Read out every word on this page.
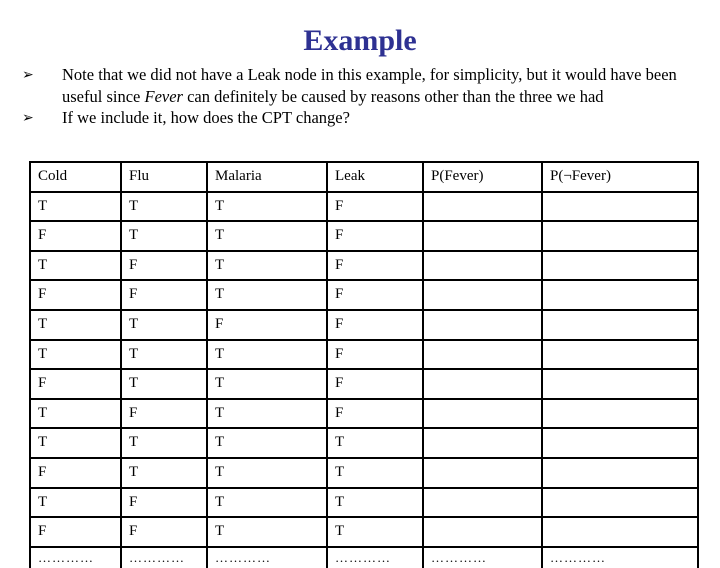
Example
➢	Note that we did not have a Leak node in this example, for simplicity, but it would have been useful since Fever can definitely be caused by reasons other than the three we had
➢	If we include it, how does the CPT change?
Cold	Flu	Malaria	Leak	P(Fever)	P(¬Fever)
T	T	T	F		
F	T	T	F		
T	F	T	F		
F	F	T	F		
T	T	F	F		
T	T	T	F		
F	T	T	F		
T	F	T	F		
T	T	T	T		
F	T	T	T		
T	F	T	T		
F	F	T	T		
…………	…………	…………	…………	…………	…………
